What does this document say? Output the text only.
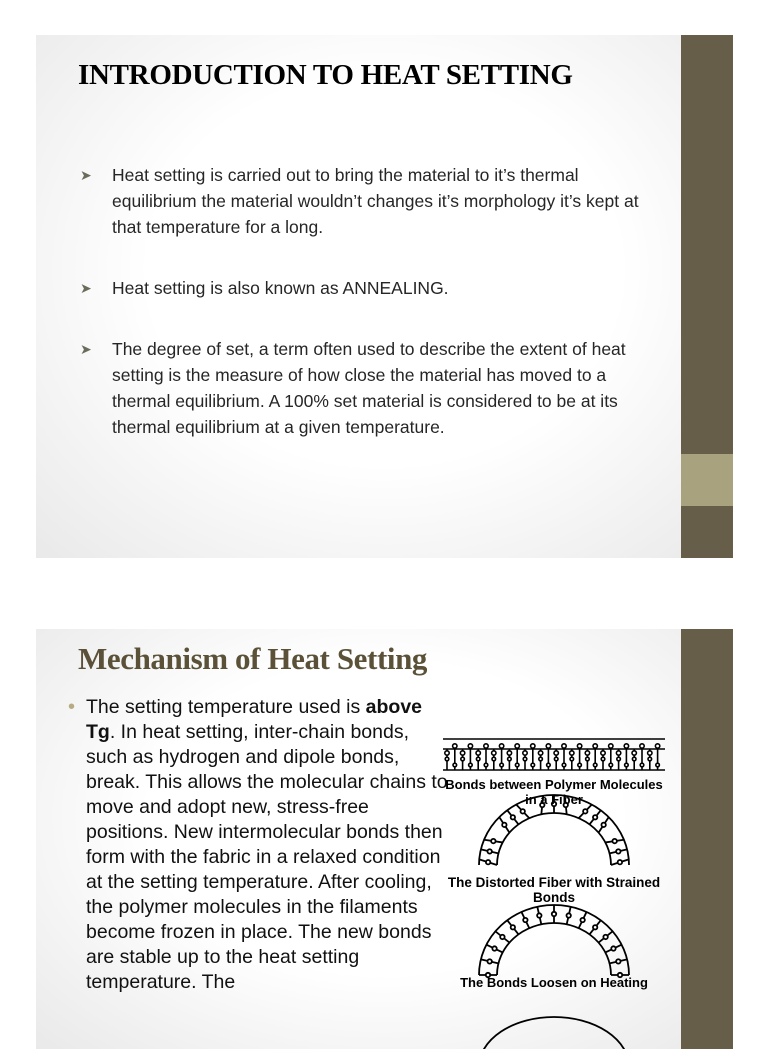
INTRODUCTION TO HEAT SETTING
➤ Heat setting is carried out to bring the material to it’s thermal equilibrium the material wouldn’t changes it’s morphology it’s kept at that temperature for a long.
➤ Heat setting is also known as ANNEALING.
➤ The degree of set, a term often used to describe the extent of heat setting is the measure of how close the material has moved to a thermal equilibrium. A 100% set material is considered to be at its thermal equilibrium at a given temperature.
Mechanism of Heat Setting
• The setting temperature used is above Tg. In heat setting, inter-chain bonds, such as hydrogen and dipole bonds, break. This allows the molecular chains to move and adopt new, stress-free positions. New intermolecular bonds then form with the fabric in a relaxed condition at the setting temperature. After cooling, the polymer molecules in the filaments become frozen in place. The new bonds are stable up to the heat setting temperature. The
Bonds between Polymer Molecules in a Fiber
The Distorted Fiber with Strained Bonds
The Bonds Loosen on Heating
